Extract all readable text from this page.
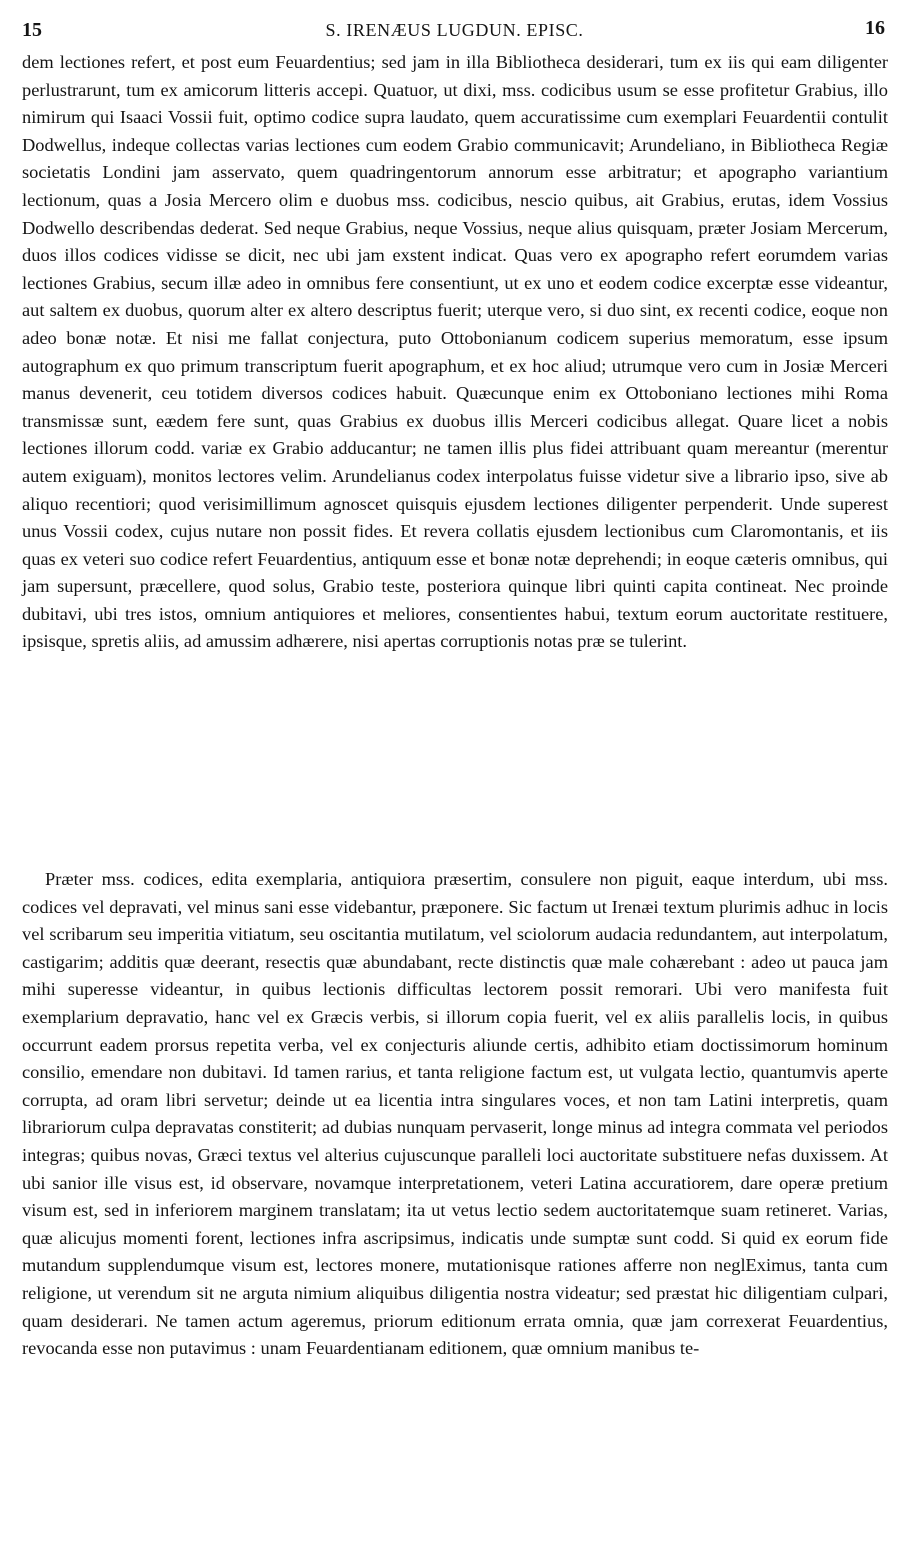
15	S. IRENÆUS LUGDUN. EPISC.	16

dem lectiones refert, et post eum Feuardentius; sed jam in illa Bibliotheca desiderari, tum ex iis qui eam diligenter perlustrarunt, tum ex amicorum litteris accepi. Quatuor, ut dixi, mss. codicibus usum se esse profitetur Grabius, illo nimirum qui Isaaci Vossii fuit, optimo codice supra laudato, quem accuratissime cum exemplari Feuardentii contulit Dodwellus, indeque collectas varias lectiones cum eodem Grabio communicavit; Arundeliano, in Bibliotheca Regiæ societatis Londini jam asservato, quem quadringentorum annorum esse arbitratur; et apographo variantium lectionum, quas a Josia Mercero olim e duobus mss. codicibus, nescio quibus, ait Grabius, erutas, idem Vossius Dodwello describendas dederat. Sed neque Grabius, neque Vossius, neque alius quisquam, præter Josiam Mercerum, duos illos codices vidisse se dicit, nec ubi jam exstent indicat. Quas vero ex apographo refert eorumdem varias lectiones Grabius, secum illæ adeo in omnibus fere consentiunt, ut ex uno et eodem codice excerptæ esse videantur, aut saltem ex duobus, quorum alter ex altero descriptus fuerit; uterque vero, si duo sint, ex recenti codice, eoque non adeo bonæ notæ. Et nisi me fallat conjectura, puto Ottobonianum codicem superius memoratum, esse ipsum autographum ex quo primum transcriptum fuerit apographum, et ex hoc aliud; utrumque vero cum in Josiæ Merceri manus devenerit, ceu totidem diversos codices habuit. Quæcunque enim ex Ottoboniano lectiones mihi Roma transmissæ sunt, eædem fere sunt, quas Grabius ex duobus illis Merceri codicibus allegat. Quare licet a nobis lectiones illorum codd. variæ ex Grabio adducantur; ne tamen illis plus fidei attribuant quam mereantur (merentur autem exiguam), monitos lectores velim. Arundelianus codex interpolatus fuisse videtur sive a librario ipso, sive ab aliquo recentiori; quod verisimillimum agnoscet quisquis ejusdem lectiones diligenter perpenderit. Unde superest unus Vossii codex, cujus nutare non possit fides. Et revera collatis ejusdem lectionibus cum Claromontanis, et iis quas ex veteri suo codice refert Feuardentius, antiquum esse et bonæ notæ deprehendi; in eoque cæteris omnibus, qui jam supersunt, præcellere, quod solus, Grabio teste, posteriora quinque libri quinti capita contineat. Nec proinde dubitavi, ubi tres istos, omnium antiquiores et meliores, consentientes habui, textum eorum auctoritate restituere, ipsisque, spretis aliis, ad amussim adhærere, nisi apertas corruptionis notas præ se tulerint.

Præter mss. codices, edita exemplaria, antiquiora præsertim, consulere non piguit, eaque interdum, ubi mss. codices vel depravati, vel minus sani esse videbantur, præponere. Sic factum ut Irenæi textum plurimis adhuc in locis vel scribarum seu imperitia vitiatum, seu oscitantia mutilatum, vel sciolorum audacia redundantem, aut interpolatum, castigarim; additis quæ deerant, resectis quæ abundabant, recte distinctis quæ male cohærebant : adeo ut pauca jam mihi superesse videantur, in quibus lectionis difficultas lectorem possit remorari. Ubi vero manifesta fuit exemplarium depravatio, hanc vel ex Græcis verbis, si illorum copia fuerit, vel ex aliis parallelis locis, in quibus occurrunt eadem prorsus repetita verba, vel ex conjecturis aliunde certis, adhibito etiam doctissimorum hominum consilio, emendare non dubitavi. Id tamen rarius, et tanta religione factum est, ut vulgata lectio, quantumvis aperte corrupta, ad oram libri servetur; deinde ut ea licentia intra singulares voces, et non tam Latini interpretis, quam librariorum culpa depravatas constiterit; ad dubias nunquam pervaserit, longe minus ad integra commata vel periodos integras; quibus novas, Græci textus vel alterius cujuscunque paralleli loci auctoritate substituere nefas duxissem. At ubi sanior ille visus est, id observare, novamque interpretationem, veteri Latina accuratiorem, dare operæ pretium visum est, sed in inferiorem marginem translatam; ita ut vetus lectio sedem auctoritatemque suam retineret. Varias, quæ alicujus momenti forent, lectiones infra ascripsimus, indicatis unde sumptæ sunt codd. Si quid ex eorum fide mutandum supplendumque visum est, lectores monere, mutationisque rationes afferre non neglEximus, tanta cum religione, ut verendum sit ne arguta nimium aliquibus diligentia nostra videatur; sed præstat hic diligentiam culpari, quam desiderari. Ne tamen actum ageremus, priorum editionum errata omnia, quæ jam correxerat Feuardentius, revocanda esse non putavimus : unam Feuardentianam editionem, quæ omnium manibus te-
